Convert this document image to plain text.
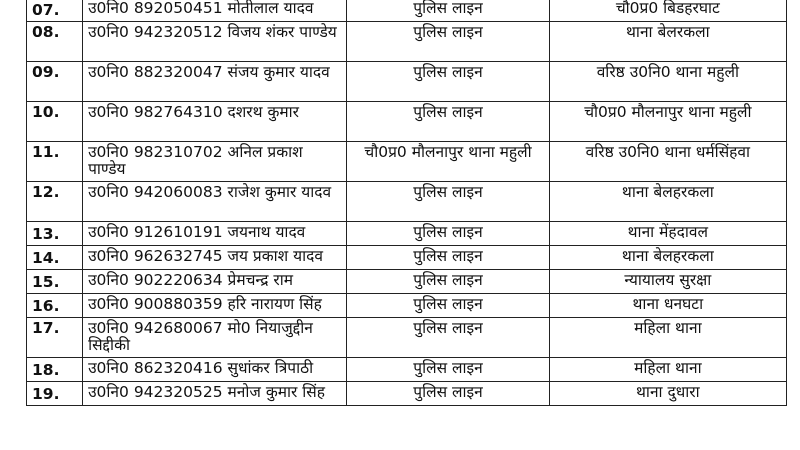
07.	उ0नि0 892050451 मोतीलाल यादव	पुलिस लाइन	चौ0प्र0 बिडहरघाट
08.	उ0नि0 942320512 विजय शंकर पाण्डेय	पुलिस लाइन	थाना बेलरकला
09.	उ0नि0 882320047 संजय कुमार यादव	पुलिस लाइन	वरिष्ठ उ0नि0 थाना महुली
10.	उ0नि0 982764310 दशरथ कुमार	पुलिस लाइन	चौ0प्र0 मौलनापुर थाना महुली
11.	उ0नि0 982310702 अनिल प्रकाश पाण्डेय	चौ0प्र0 मौलनापुर थाना महुली	वरिष्ठ उ0नि0 थाना धर्मसिंहवा
12.	उ0नि0 942060083 राजेश कुमार यादव	पुलिस लाइन	थाना बेलहरकला
13.	उ0नि0 912610191 जयनाथ यादव	पुलिस लाइन	थाना मेंहदावल
14.	उ0नि0 962632745 जय प्रकाश यादव	पुलिस लाइन	थाना बेलहरकला
15.	उ0नि0 902220634 प्रेमचन्द्र राम	पुलिस लाइन	न्यायालय सुरक्षा
16.	उ0नि0 900880359 हरि नारायण सिंह	पुलिस लाइन	थाना धनघटा
17.	उ0नि0 942680067 मो0 नियाजुद्दीन सिद्दीकी	पुलिस लाइन	महिला थाना
18.	उ0नि0 862320416 सुधांकर त्रिपाठी	पुलिस लाइन	महिला थाना
19.	उ0नि0 942320525 मनोज कुमार सिंह	पुलिस लाइन	थाना दुधारा
